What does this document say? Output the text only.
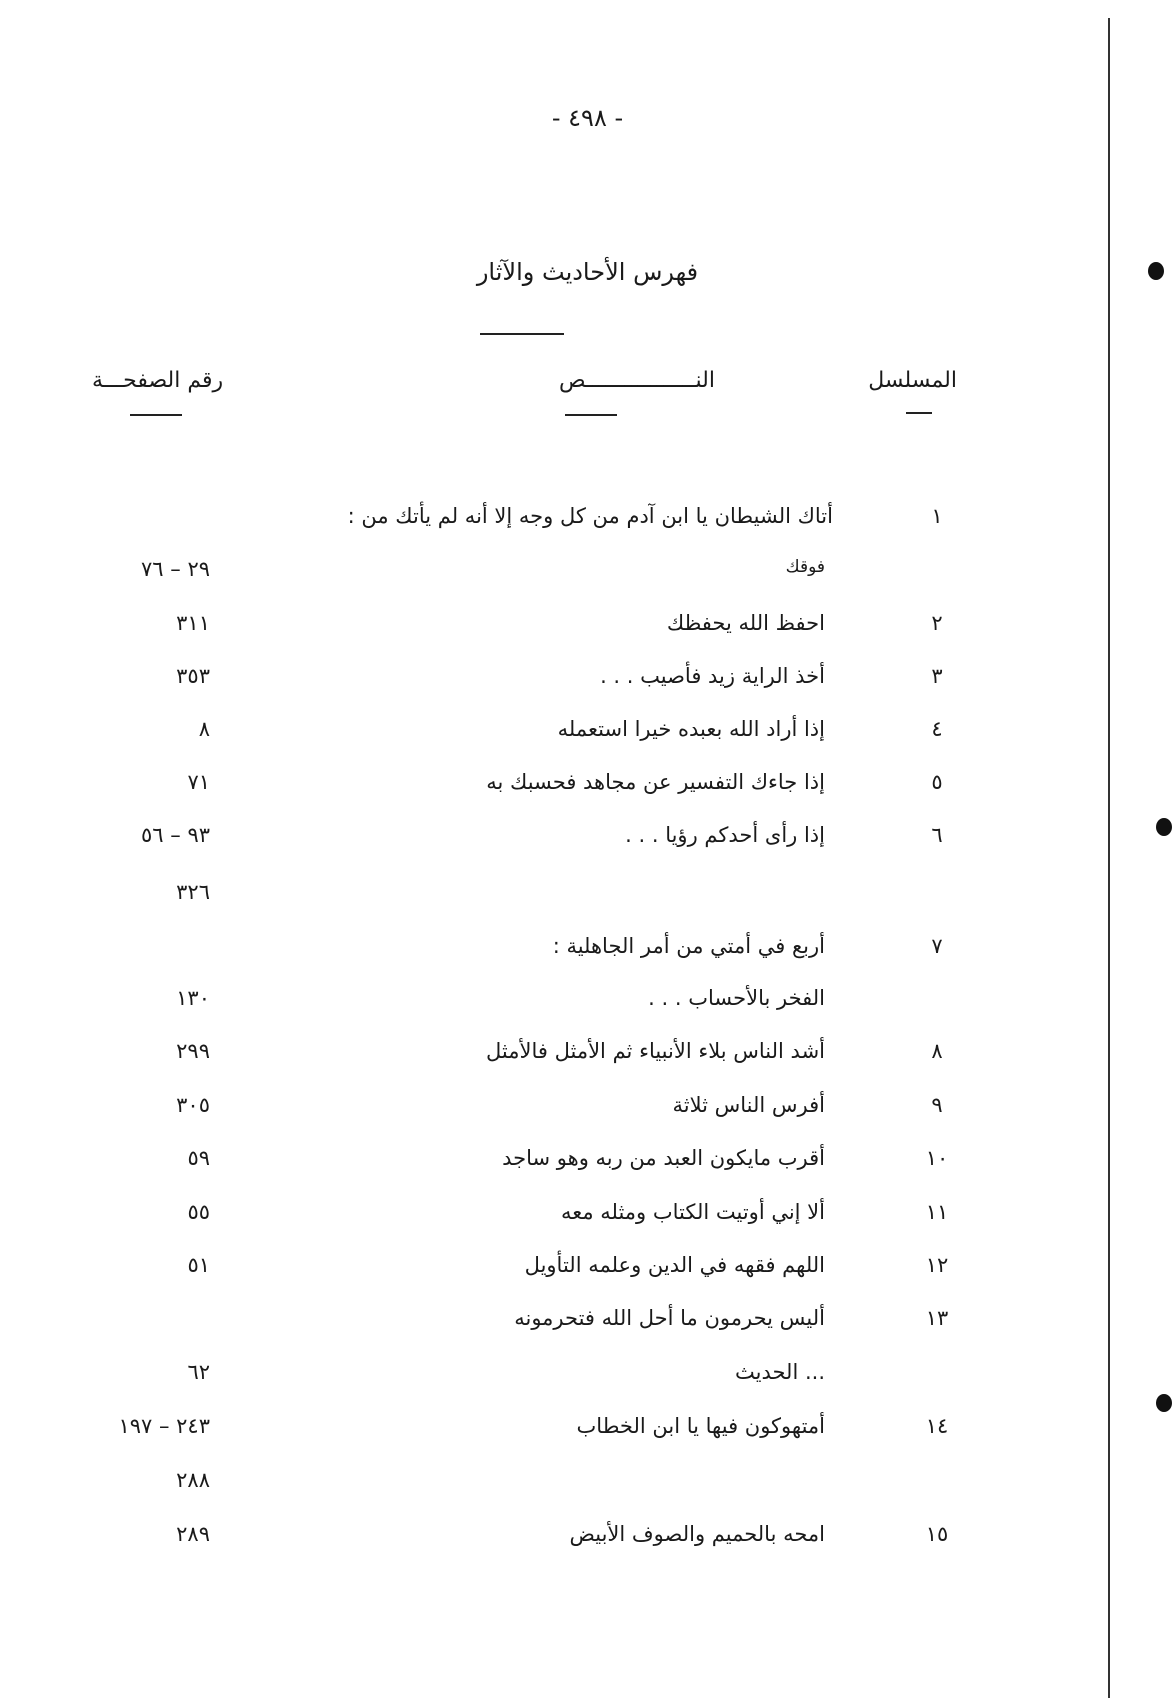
- ٤٩٨ -
فهرس الأحاديث والآثار
المسلسل
النـــــــــــــــــص
رقم الصفحـــة
١
أتاك الشيطان يا ابن آدم من كل وجه إلا أنه لم يأتك من :
فوقك
٢٩ – ٧٦
٢
احفظ الله يحفظك
٣١١
٣
أخذ الراية زيد فأصيب . . .
٣٥٣
٤
إذا أراد الله بعبده خيرا استعمله
٨
٥
إذا جاءك التفسير عن مجاهد فحسبك به
٧١
٦
إذا رأى أحدكم رؤيا . . .
٩٣ – ٥٦
٣٢٦
٧
أربع في أمتي من أمر الجاهلية :
الفخر بالأحساب . . .
١٣٠
٨
أشد الناس بلاء الأنبياء ثم الأمثل فالأمثل
٢٩٩
٩
أفرس الناس ثلاثة
٣٠٥
١٠
أقرب مايكون العبد من ربه وهو ساجد
٥٩
١١
ألا إني أوتيت الكتاب ومثله معه
٥٥
١٢
اللهم فقهه في الدين وعلمه التأويل
٥١
١٣
أليس يحرمون ما أحل الله فتحرمونه
... الحديث
٦٢
١٤
أمتهوكون فيها يا ابن الخطاب
٢٤٣ – ١٩٧
٢٨٨
١٥
امحه بالحميم والصوف الأبيض
٢٨٩
